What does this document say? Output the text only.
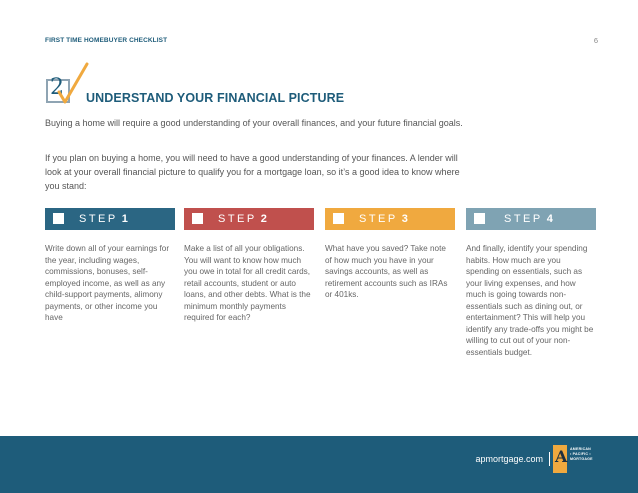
FIRST TIME HOMEBUYER CHECKLIST	6
2 UNDERSTAND YOUR FINANCIAL PICTURE

Buying a home will require a good understanding of your overall finances, and your future financial goals.

If you plan on buying a home, you will need to have a good understanding of your finances. A lender will look at your overall financial picture to qualify you for a mortgage loan, so it’s a good idea to know where you stand:

STEP 1	STEP 2	STEP 3	STEP 4

Write down all of your earnings for the year, including wages, commissions, bonuses, self-employed income, as well as any child-support payments, alimony payments, or other income you have

Make a list of all your obligations. You will want to know how much you owe in total for all credit cards, retail accounts, student or auto loans, and other debts. What is the minimum monthly payments required for each?

What have you saved? Take note of how much you have in your savings accounts, as well as retirement accounts such as IRAs or 401ks.

And finally, identify your spending habits. How much are you spending on essentials, such as your living expenses, and how much is going towards non-essentials such as dining out, or entertainment? This will help you identify any trade-offs you might be willing to cut out of your non-essentials budget.

apmortgage.com A AMERICAN
• PACIFIC •
MORTGAGE
